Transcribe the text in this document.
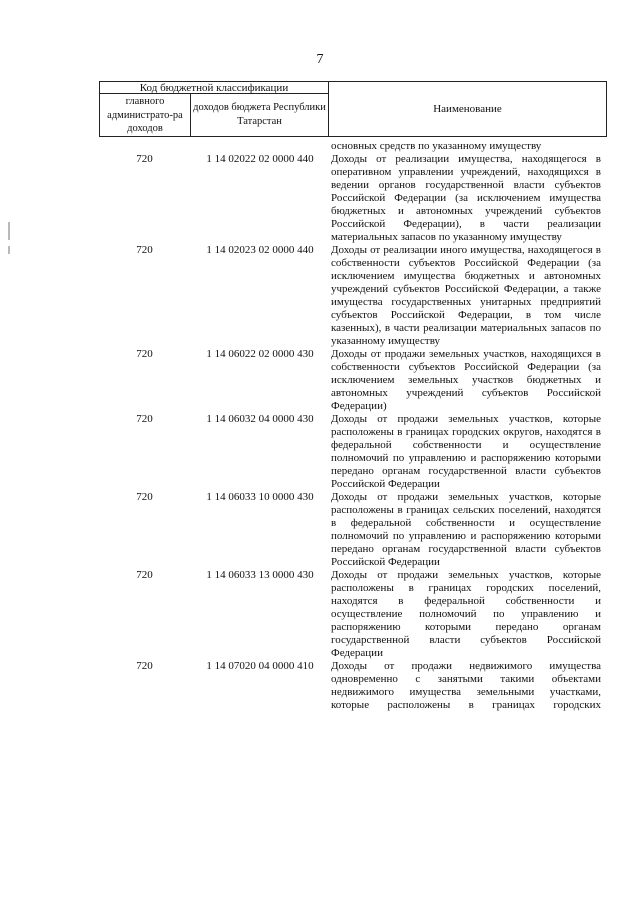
7
Код бюджетной классификации
главного администрато-ра доходов
доходов бюджета Республики Татарстан
Наименование
основных средств по указанному имуществу
720	1 14 02022 02 0000 440	Доходы от реализации имущества, находящегося в оперативном управлении учреждений, находящихся в ведении органов государственной власти субъектов Российской Федерации (за исключением имущества бюджетных и автономных учреждений субъектов Российской Федерации), в части реализации материальных запасов по указанному имуществу
720	1 14 02023 02 0000 440	Доходы от реализации иного имущества, находящегося в собственности субъектов Российской Федерации (за исключением имущества бюджетных и автономных учреждений субъектов Российской Федерации, а также имущества государственных унитарных предприятий субъектов Российской Федерации, в том числе казенных), в части реализации материальных запасов по указанному имуществу
720	1 14 06022 02 0000 430	Доходы от продажи земельных участков, находящихся в собственности субъектов Российской Федерации (за исключением земельных участков бюджетных и автономных учреждений субъектов Российской Федерации)
720	1 14 06032 04 0000 430	Доходы от продажи земельных участков, которые расположены в границах городских округов, находятся в федеральной собственности и осуществление полномочий по управлению и распоряжению которыми передано органам государственной власти субъектов Российской Федерации
720	1 14 06033 10 0000 430	Доходы от продажи земельных участков, которые расположены в границах сельских поселений, находятся в федеральной собственности и осуществление полномочий по управлению и распоряжению которыми передано органам государственной власти субъектов Российской Федерации
720	1 14 06033 13 0000 430	Доходы от продажи земельных участков, которые расположены в границах городских поселений, находятся в федеральной собственности и осуществление полномочий по управлению и распоряжению которыми передано органам государственной власти субъектов Российской Федерации
720	1 14 07020 04 0000 410	Доходы от продажи недвижимого имущества одновременно с занятыми такими объектами недвижимого имущества земельными участками, которые расположены в границах городских
